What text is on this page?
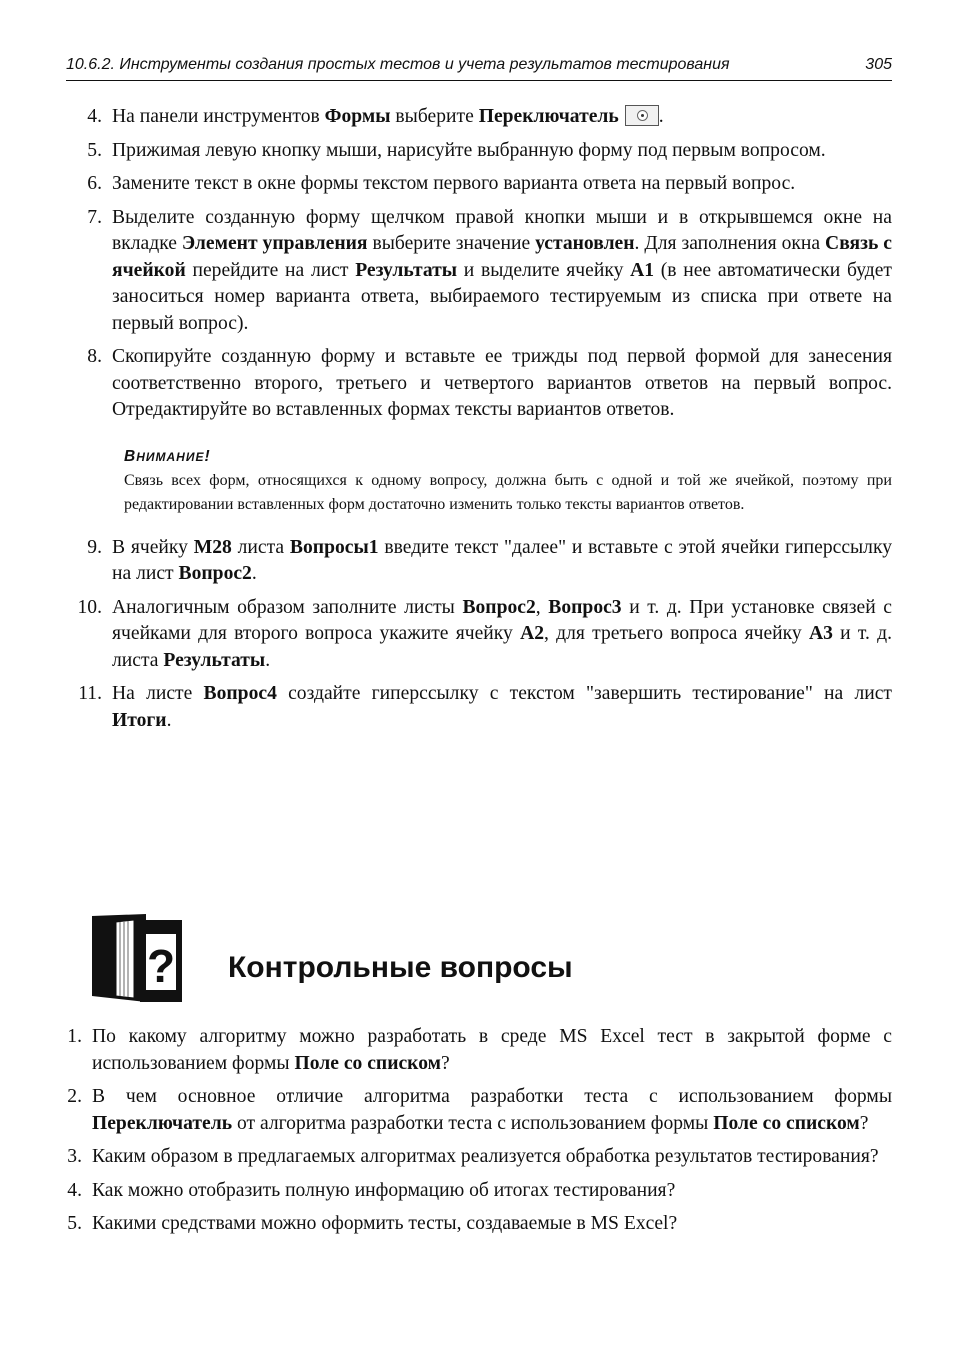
10.6.2. Инструменты создания простых тестов и учета результатов тестирования	305
4. На панели инструментов Формы выберите Переключатель .
5. Прижимая левую кнопку мыши, нарисуйте выбранную форму под первым вопросом.
6. Замените текст в окне формы текстом первого варианта ответа на первый вопрос.
7. Выделите созданную форму щелчком правой кнопки мыши и в открывшемся окне на вкладке Элемент управления выберите значение установлен. Для заполнения окна Связь с ячейкой перейдите на лист Результаты и выделите ячейку А1 (в нее автоматически будет заноситься номер варианта ответа, выбираемого тестируемым из списка при ответе на первый вопрос).
8. Скопируйте созданную форму и вставьте ее трижды под первой формой для занесения соответственно второго, третьего и четвертого вариантов ответов на первый вопрос. Отредактируйте во вставленных формах тексты вариантов ответов.
ВНИМАНИЕ!
Связь всех форм, относящихся к одному вопросу, должна быть с одной и той же ячейкой, поэтому при редактировании вставленных форм достаточно изменить только тексты вариантов ответов.
9. В ячейку М28 листа Вопросы1 введите текст "далее" и вставьте с этой ячейки гиперссылку на лист Вопрос2.
10. Аналогичным образом заполните листы Вопрос2, Вопрос3 и т. д. При установке связей с ячейками для второго вопроса укажите ячейку А2, для третьего вопроса ячейку А3 и т. д. листа Результаты.
11. На листе Вопрос4 создайте гиперссылку с текстом "завершить тестирование" на лист Итоги.
? Контрольные вопросы
1. По какому алгоритму можно разработать в среде MS Excel тест в закрытой форме с использованием формы Поле со списком?
2. В чем основное отличие алгоритма разработки теста с использованием формы Переключатель от алгоритма разработки теста с использованием формы Поле со списком?
3. Каким образом в предлагаемых алгоритмах реализуется обработка результатов тестирования?
4. Как можно отобразить полную информацию об итогах тестирования?
5. Какими средствами можно оформить тесты, создаваемые в MS Excel?
